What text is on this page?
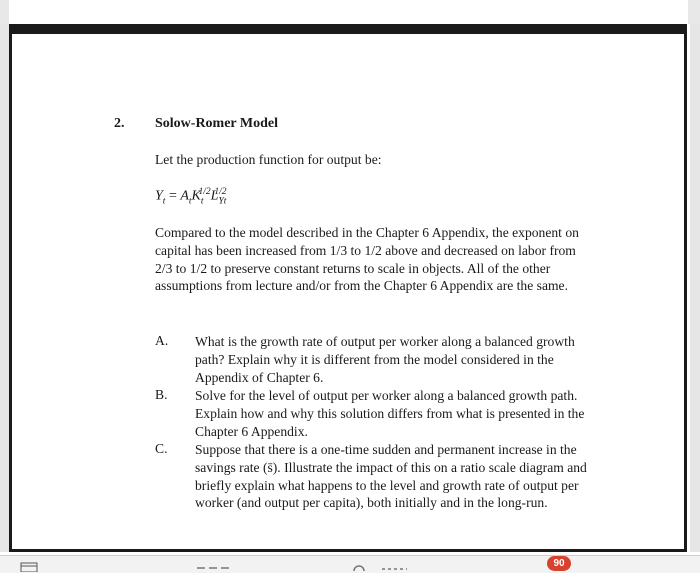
2. Solow-Romer Model
Let the production function for output be:
$Y_t = A_tK_t^{1/2}L_{Yt}^{1/2}$
Compared to the model described in the Chapter 6 Appendix, the exponent on capital has been increased from 1/3 to 1/2 above and decreased on labor from 2/3 to 1/2 to preserve constant returns to scale in objects. All of the other assumptions from lecture and/or from the Chapter 6 Appendix are the same.
A. What is the growth rate of output per worker along a balanced growth path? Explain why it is different from the model considered in the Appendix of Chapter 6.
B. Solve for the level of output per worker along a balanced growth path. Explain how and why this solution differs from what is presented in the Chapter 6 Appendix.
C. Suppose that there is a one-time sudden and permanent increase in the savings rate (s̄). Illustrate the impact of this on a ratio scale diagram and briefly explain what happens to the level and growth rate of output per worker (and output per capita), both initially and in the long-run.
90
